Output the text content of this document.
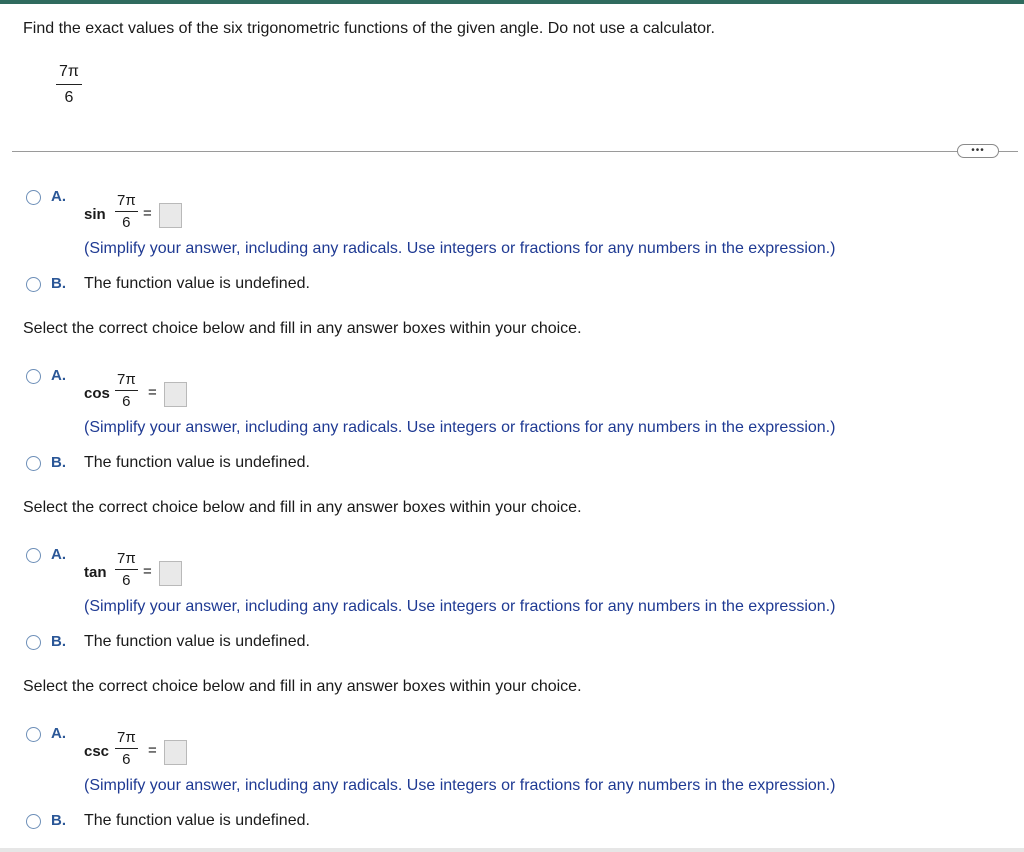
Find the exact values of the six trigonometric functions of the given angle. Do not use a calculator.
$\frac{7\pi}{6}$
•••
A.
$\sin \frac{7\pi}{6}$ =
(Simplify your answer, including any radicals. Use integers or fractions for any numbers in the expression.)
B. The function value is undefined.
Select the correct choice below and fill in any answer boxes within your choice.
A.
$\cos \frac{7\pi}{6}$ =
(Simplify your answer, including any radicals. Use integers or fractions for any numbers in the expression.)
B. The function value is undefined.
Select the correct choice below and fill in any answer boxes within your choice.
A.
$\tan \frac{7\pi}{6}$ =
(Simplify your answer, including any radicals. Use integers or fractions for any numbers in the expression.)
B. The function value is undefined.
Select the correct choice below and fill in any answer boxes within your choice.
A.
$\csc \frac{7\pi}{6}$ =
(Simplify your answer, including any radicals. Use integers or fractions for any numbers in the expression.)
B. The function value is undefined.
